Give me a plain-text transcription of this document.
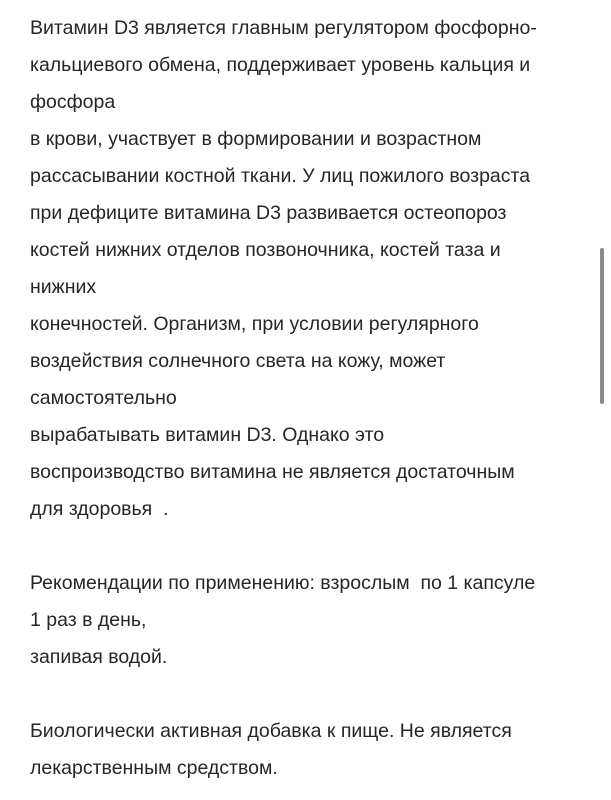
Витамин D3 является главным регулятором фосфорно-
кальциевого обмена, поддерживает уровень кальция и
фосфора
в крови, участвует в формировании и возрастном
рассасывании костной ткани. У лиц пожилого возраста
при дефиците витамина D3 развивается остеопороз
костей нижних отделов позвоночника, костей таза и
нижних
конечностей. Организм, при условии регулярного
воздействия солнечного света на кожу, может
самостоятельно
вырабатывать витамин D3. Однако это
воспроизводство витамина не является достаточным
для здоровья  .
Рекомендации по применению: взрослым  по 1 капсуле
1 раз в день,
запивая водой.
Биологически активная добавка к пище. Не является
лекарственным средством.
